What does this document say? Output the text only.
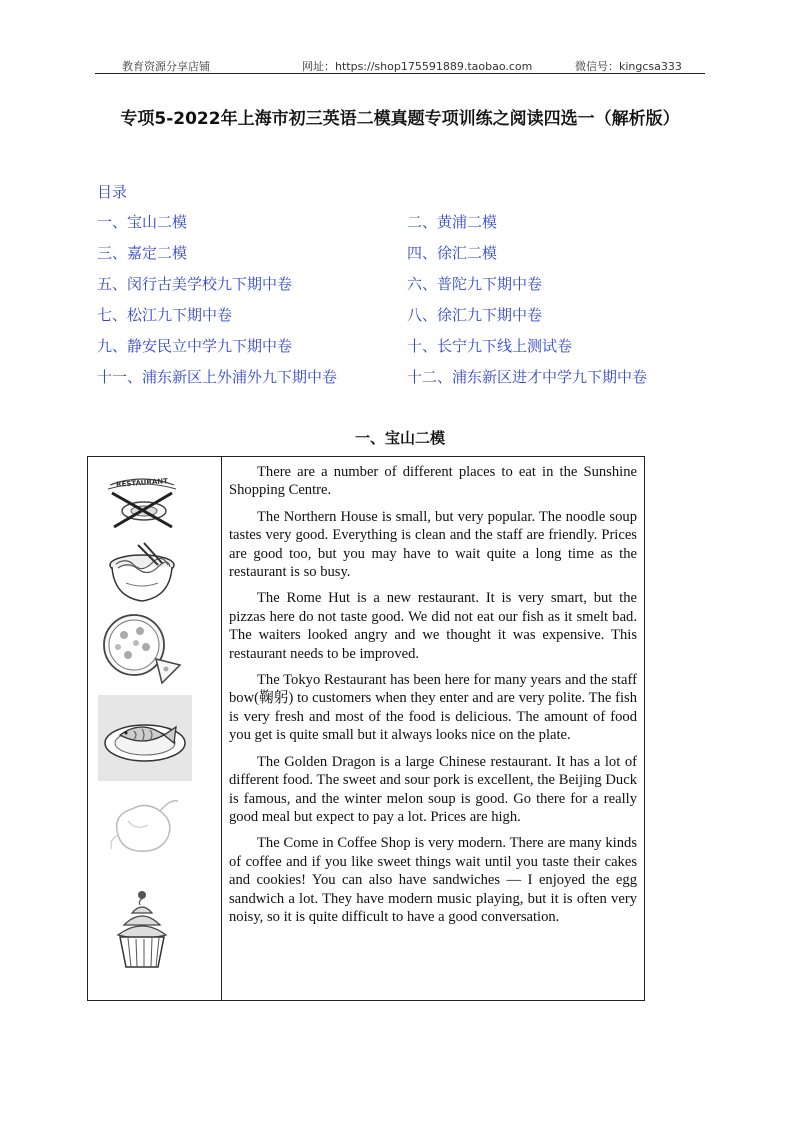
教育资源分享店铺	网址：https://shop175591889.taobao.com	微信号：kingcsa333
专项5-2022年上海市初三英语二模真题专项训练之阅读四选一（解析版）
目录
一、宝山二模	二、黄浦二模
三、嘉定二模	四、徐汇二模
五、闵行古美学校九下期中卷	六、普陀九下期中卷
七、松江九下期中卷	八、徐汇九下期中卷
九、静安民立中学九下期中卷	十、长宁九下线上测试卷
十一、浦东新区上外浦外九下期中卷	十二、浦东新区进才中学九下期中卷
一、宝山二模
RESTAURANT

There are a number of different places to eat in the Sunshine Shopping Centre.

The Northern House is small, but very popular. The noodle soup tastes very good. Everything is clean and the staff are friendly. Prices are good too, but you may have to wait quite a long time as the restaurant is so busy.

The Rome Hut is a new restaurant. It is very smart, but the pizzas here do not taste good. We did not eat our fish as it smelt bad. The waiters looked angry and we thought it was expensive. This restaurant needs to be improved.

The Tokyo Restaurant has been here for many years and the staff bow(鞠躬) to customers when they enter and are very polite. The fish is very fresh and most of the food is delicious. The amount of food you get is quite small but it always looks nice on the plate.

The Golden Dragon is a large Chinese restaurant. It has a lot of different food. The sweet and sour pork is excellent, the Beijing Duck is famous, and the winter melon soup is good. Go there for a really good meal but expect to pay a lot. Prices are high.

The Come in Coffee Shop is very modern. There are many kinds of coffee and if you like sweet things wait until you taste their cakes and cookies! You can also have sandwiches — I enjoyed the egg sandwich a lot. They have modern music playing, but it is often very noisy, so it is quite difficult to have a good conversation.
